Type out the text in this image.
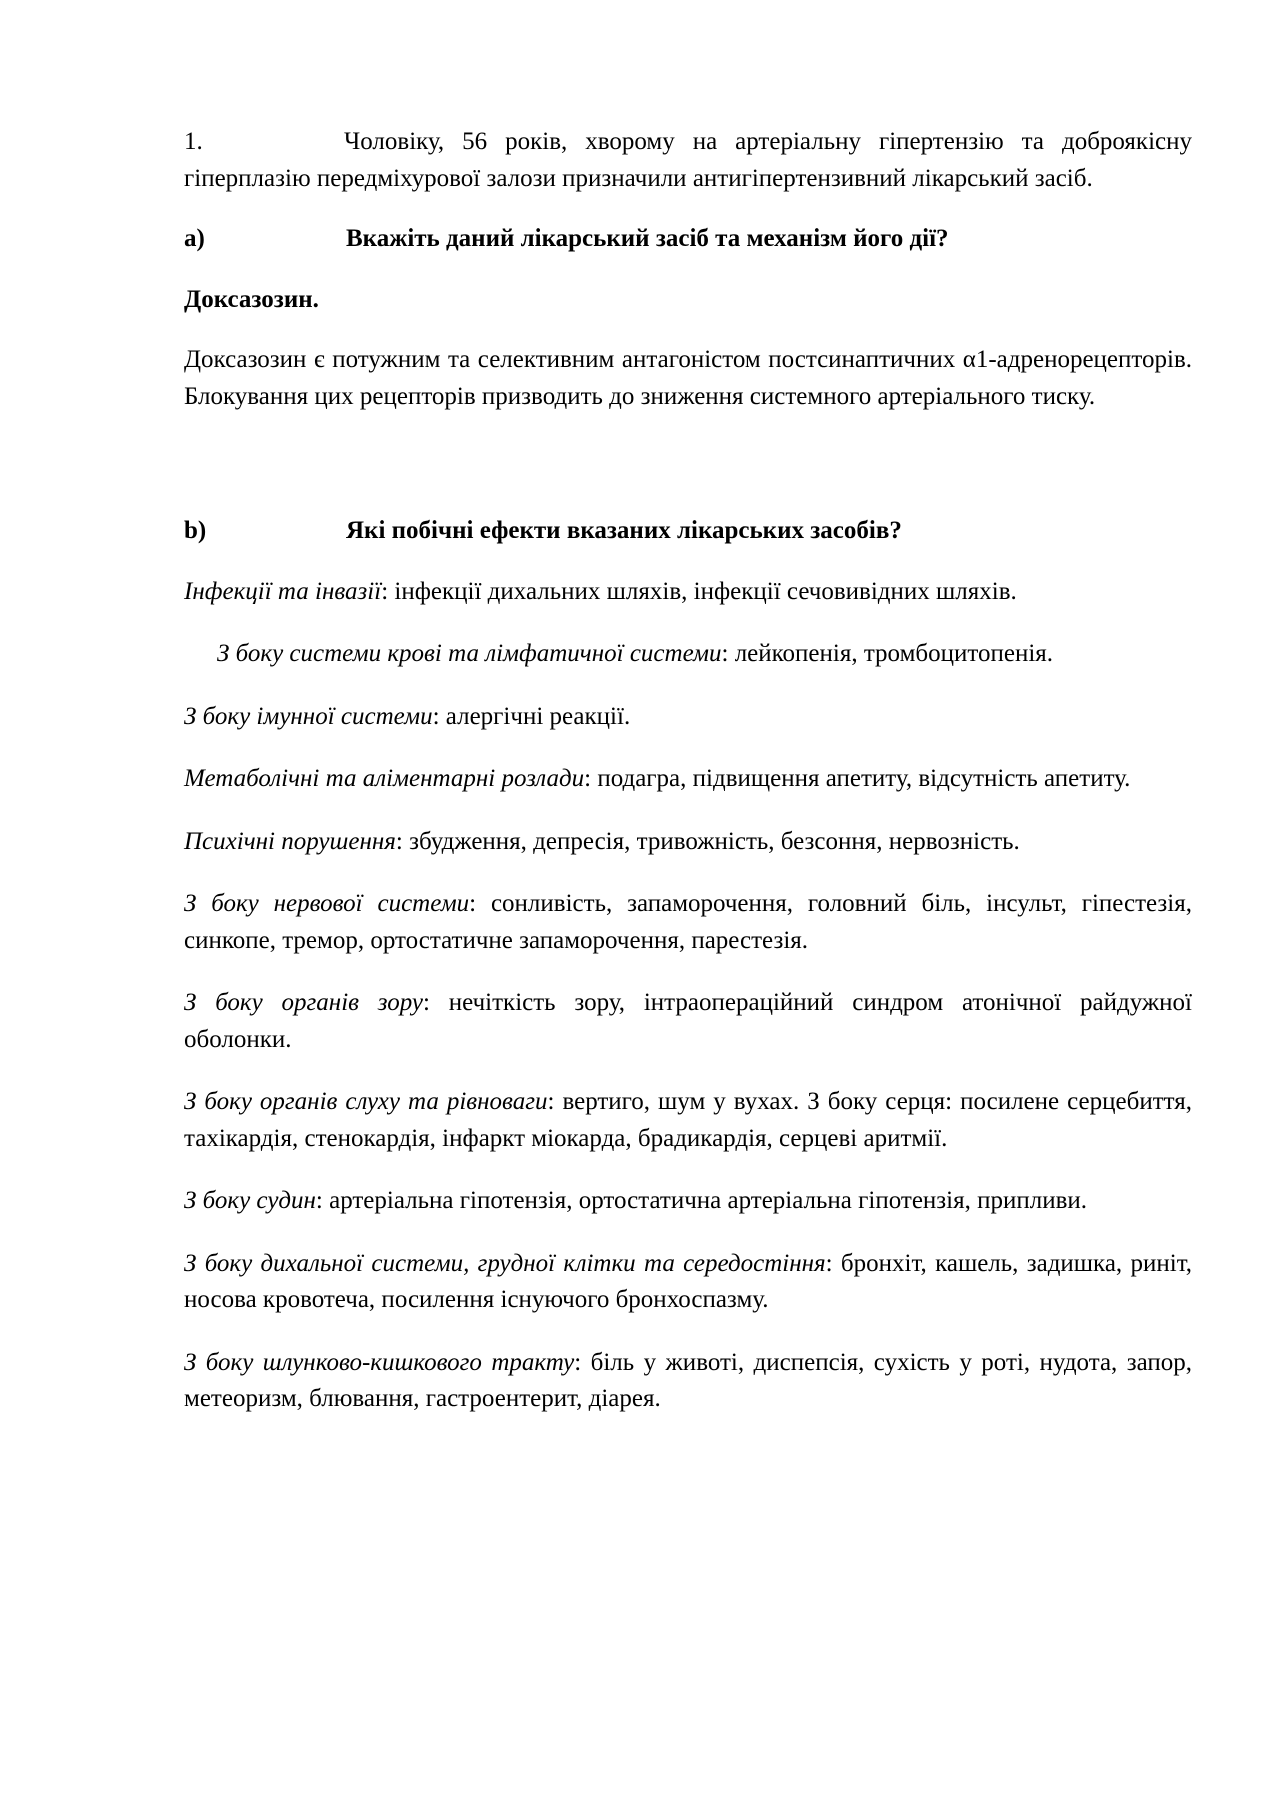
1.	Чоловіку, 56 років, хворому на артеріальну гіпертензію та доброякісну гіперплазію передміхурової залози призначили антигіпертензивний лікарський засіб.

a)	Вкажіть даний лікарський засіб та механізм його дії?

Доксазозин.

Доксазозин є потужним та селективним антагоністом постсинаптичних α1-адренорецепторів. Блокування цих рецепторів призводить до зниження системного артеріального тиску.

b)	Які побічні ефекти вказаних лікарських засобів?

Інфекції та інвазії: інфекції дихальних шляхів, інфекції сечовивідних шляхів.

З боку системи крові та лімфатичної системи: лейкопенія, тромбоцитопенія.

З боку імунної системи: алергічні реакції.

Метаболічні та аліментарні розлади: подагра, підвищення апетиту, відсутність апетиту.

Психічні порушення: збудження, депресія, тривожність, безсоння, нервозність.

З боку нервової системи: сонливість, запаморочення, головний біль, інсульт, гіпестезія, синкопе, тремор, ортостатичне запаморочення, парестезія.

З боку органів зору: нечіткість зору, інтраопераційний синдром атонічної райдужної оболонки.

З боку органів слуху та рівноваги: вертиго, шум у вухах. З боку серця: посилене серцебиття, тахікардія, стенокардія, інфаркт міокарда, брадикардія, серцеві аритмії.

З боку судин: артеріальна гіпотензія, ортостатична артеріальна гіпотензія, припливи.

З боку дихальної системи, грудної клітки та середостіння: бронхіт, кашель, задишка, риніт, носова кровотеча, посилення існуючого бронхоспазму.

З боку шлунково-кишкового тракту: біль у животі, диспепсія, сухість у роті, нудота, запор, метеоризм, блювання, гастроентерит, діарея.
